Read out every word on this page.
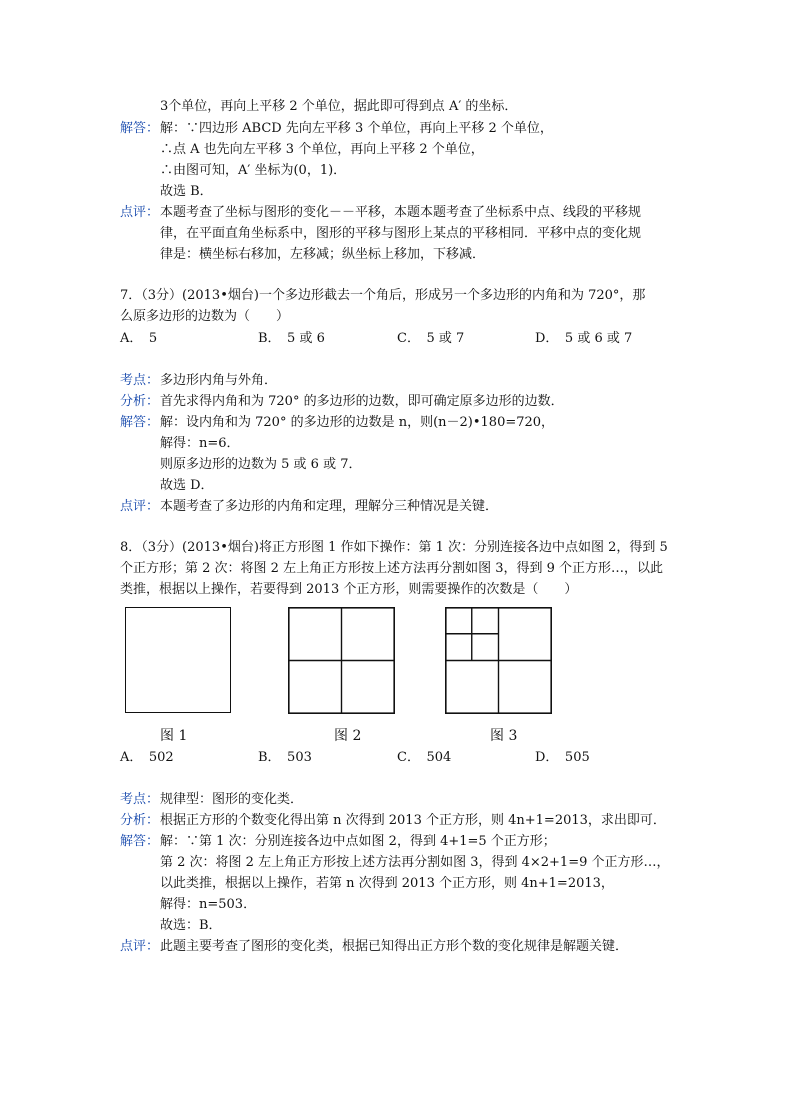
3个单位，再向上平移 2 个单位，据此即可得到点 A′ 的坐标．
解答： 解：∵四边形 ABCD 先向左平移 3 个单位，再向上平移 2 个单位，
∴点 A 也先向左平移 3 个单位，再向上平移 2 个单位，
∴由图可知，A′ 坐标为(0，1)．
故选 B．
点评： 本题考查了坐标与图形的变化－－平移，本题本题考查了坐标系中点、线段的平移规
律，在平面直角坐标系中，图形的平移与图形上某点的平移相同．平移中点的变化规
律是：横坐标右移加，左移减；纵坐标上移加，下移减．
7．（3分）(2013•烟台)一个多边形截去一个角后，形成另一个多边形的内角和为 720°，那
么原多边形的边数为（　　）
A．　5	B．　5 或 6	C．　5 或 7	D．　5 或 6 或 7
考点： 多边形内角与外角．
分析： 首先求得内角和为 720° 的多边形的边数，即可确定原多边形的边数．
解答： 解：设内角和为 720° 的多边形的边数是 n，则(n－2)•180=720，
解得：n=6．
则原多边形的边数为 5 或 6 或 7．
故选 D．
点评： 本题考查了多边形的内角和定理，理解分三种情况是关键．
8．（3分）(2013•烟台)将正方形图 1 作如下操作：第 1 次：分别连接各边中点如图 2，得到 5
个正方形；第 2 次：将图 2 左上角正方形按上述方法再分割如图 3，得到 9 个正方形…，以此
类推，根据以上操作，若要得到 2013 个正方形，则需要操作的次数是（　　）
图 1	图 2	图 3
A．　502	B．　503	C．　504	D．　505
考点： 规律型：图形的变化类．
分析： 根据正方形的个数变化得出第 n 次得到 2013 个正方形，则 4n+1=2013，求出即可．
解答： 解：∵第 1 次：分别连接各边中点如图 2，得到 4+1=5 个正方形；
第 2 次：将图 2 左上角正方形按上述方法再分割如图 3，得到 4×2+1=9 个正方形…，
以此类推，根据以上操作，若第 n 次得到 2013 个正方形，则 4n+1=2013，
解得：n=503．
故选：B．
点评： 此题主要考查了图形的变化类，根据已知得出正方形个数的变化规律是解题关键．
